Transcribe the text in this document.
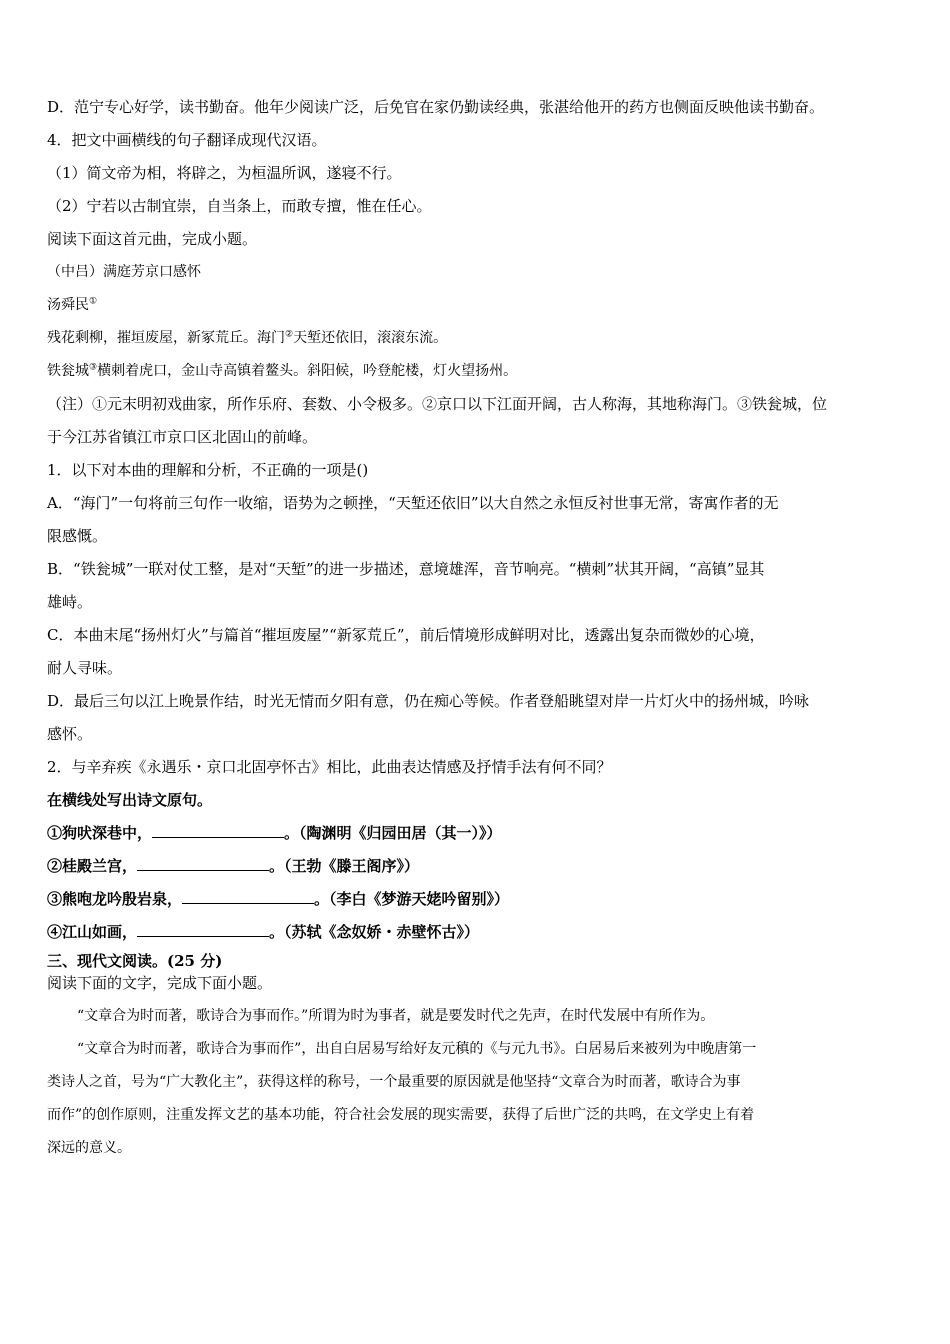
D．范宁专心好学，读书勤奋。他年少阅读广泛，后免官在家仍勤读经典，张湛给他开的药方也侧面反映他读书勤奋。

4．把文中画横线的句子翻译成现代汉语。

（1）简文帝为相，将辟之，为桓温所讽，遂寝不行。

（2）宁若以古制宜崇，自当条上，而敢专擅，惟在任心。

阅读下面这首元曲，完成小题。

（中吕）满庭芳京口感怀

汤舜民①

残花剩柳，摧垣废屋，新冢荒丘。海门②天堑还依旧，滚滚东流。

铁瓮城③横刺着虎口，金山寺高镇着鳌头。斜阳候，吟登舵楼，灯火望扬州。

（注）①元末明初戏曲家，所作乐府、套数、小令极多。②京口以下江面开阔，古人称海，其地称海门。③铁瓮城，位

于今江苏省镇江市京口区北固山的前峰。

1．以下对本曲的理解和分析，不正确的一项是()

A．“海门”一句将前三句作一收缩，语势为之顿挫，“天堑还依旧”以大自然之永恒反衬世事无常，寄寓作者的无

限感慨。

B．“铁瓮城”一联对仗工整，是对“天堑”的进一步描述，意境雄浑，音节响亮。“横刺”状其开阔，“高镇”显其

雄峙。

C．本曲末尾“扬州灯火”与篇首“摧垣废屋”“新冢荒丘”，前后情境形成鲜明对比，透露出复杂而微妙的心境，

耐人寻味。

D．最后三句以江上晚景作结，时光无情而夕阳有意，仍在痴心等候。作者登船眺望对岸一片灯火中的扬州城，吟咏

感怀。

2．与辛弃疾《永遇乐・京口北固亭怀古》相比，此曲表达情感及抒情手法有何不同？

在横线处写出诗文原句。

①狗吠深巷中，	。（陶渊明《归园田居（其一）》）

②桂殿兰宫，	。（王勃《滕王阁序》）

③熊咆龙吟殷岩泉，	。（李白《梦游天姥吟留别》）

④江山如画，	。（苏轼《念奴娇・赤壁怀古》）

三、现代文阅读。(25 分)

阅读下面的文字，完成下面小题。

“文章合为时而著，歌诗合为事而作。”所谓为时为事者，就是要发时代之先声，在时代发展中有所作为。

“文章合为时而著，歌诗合为事而作”，出自白居易写给好友元稹的《与元九书》。白居易后来被列为中晚唐第一

类诗人之首，号为“广大教化主”，获得这样的称号，一个最重要的原因就是他坚持“文章合为时而著，歌诗合为事

而作”的创作原则，注重发挥文艺的基本功能，符合社会发展的现实需要，获得了后世广泛的共鸣，在文学史上有着

深远的意义。
